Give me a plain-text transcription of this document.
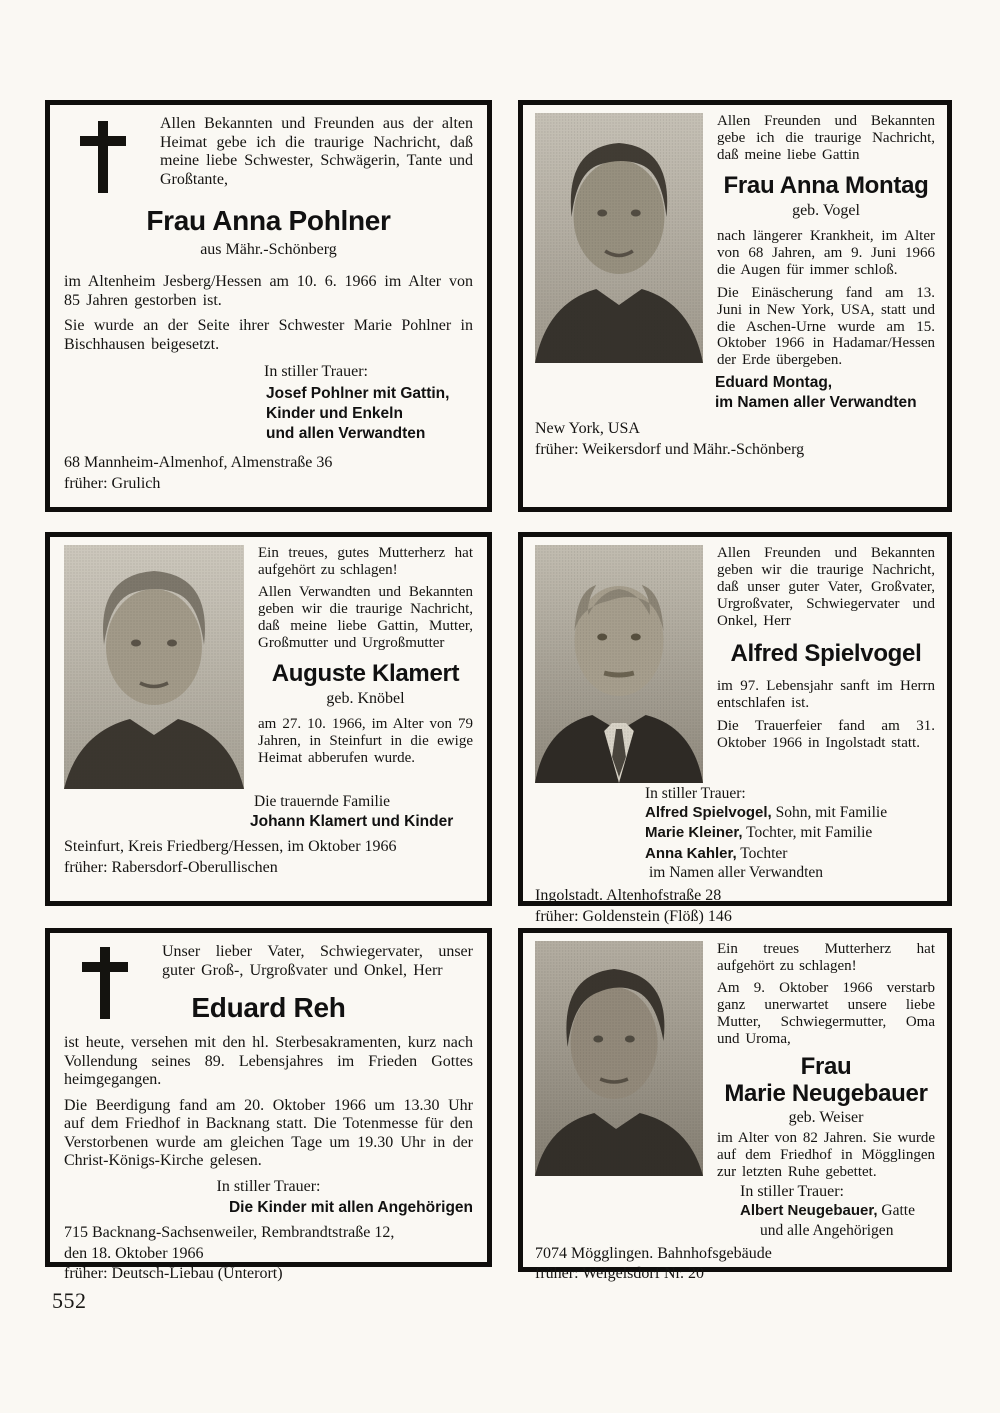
Allen Bekannten und Freunden aus der alten Heimat gebe ich die traurige Nachricht, daß meine liebe Schwester, Schwägerin, Tante und Großtante,

Frau Anna Pohlner

aus Mähr.-Schönberg

im Altenheim Jesberg/Hessen am 10. 6. 1966 im Alter von 85 Jahren gestorben ist.

Sie wurde an der Seite ihrer Schwester Marie Pohlner in Bischhausen beigesetzt.

In stiller Trauer:

Josef Pohlner mit Gattin,
Kinder und Enkeln
und allen Verwandten

68 Mannheim-Almenhof, Almenstraße 36

früher: Grulich

Allen Freunden und Bekannten gebe ich die traurige Nachricht, daß meine liebe Gattin

Frau Anna Montag

geb. Vogel

nach längerer Krankheit, im Alter von 68 Jahren, am 9. Juni 1966 die Augen für immer schloß.

Die Einäscherung fand am 13. Juni in New York, USA, statt und die Aschen-Urne wurde am 15. Oktober 1966 in Hadamar/Hessen der Erde übergeben.

Eduard Montag,
im Namen aller Verwandten

New York, USA

früher: Weikersdorf und Mähr.-Schönberg

Ein treues, gutes Mutterherz hat aufgehört zu schlagen!

Allen Verwandten und Bekannten geben wir die traurige Nachricht, daß meine liebe Gattin, Mutter, Großmutter und Urgroßmutter

Auguste Klamert

geb. Knöbel

am 27. 10. 1966, im Alter von 79 Jahren, in Steinfurt in die ewige Heimat abberufen wurde.

Die trauernde Familie

Johann Klamert und Kinder

Steinfurt, Kreis Friedberg/Hessen, im Oktober 1966

früher: Rabersdorf-Oberullischen

Allen Freunden und Bekannten geben wir die traurige Nachricht, daß unser guter Vater, Großvater, Urgroßvater, Schwiegervater und Onkel, Herr

Alfred Spielvogel

im 97. Lebensjahr sanft im Herrn entschlafen ist.

Die Trauerfeier fand am 31. Oktober 1966 in Ingolstadt statt.

In stiller Trauer:

Alfred Spielvogel, Sohn, mit Familie
Marie Kleiner, Tochter, mit Familie
Anna Kahler, Tochter

im Namen aller Verwandten

Ingolstadt. Altenhofstraße 28

früher: Goldenstein (Flöß) 146

Unser lieber Vater, Schwiegervater, unser guter Groß-, Urgroßvater und Onkel, Herr

Eduard Reh

ist heute, versehen mit den hl. Sterbesakramenten, kurz nach Vollendung seines 89. Lebensjahres im Frieden Gottes heimgegangen.

Die Beerdigung fand am 20. Oktober 1966 um 13.30 Uhr auf dem Friedhof in Backnang statt. Die Totenmesse für den Verstorbenen wurde am gleichen Tage um 19.30 Uhr in der Christ-Königs-Kirche gelesen.

In stiller Trauer:

Die Kinder mit allen Angehörigen

715 Backnang-Sachsenweiler, Rembrandtstraße 12,

den 18. Oktober 1966

früher: Deutsch-Liebau (Unterort)

Ein treues Mutterherz hat aufgehört zu schlagen!

Am 9. Oktober 1966 verstarb ganz unerwartet unsere liebe Mutter, Schwiegermutter, Oma und Uroma,

Frau
Marie Neugebauer

geb. Weiser

im Alter von 82 Jahren. Sie wurde auf dem Friedhof in Mögglingen zur letzten Ruhe gebettet.

In stiller Trauer:

Albert Neugebauer, Gatte

und alle Angehörigen

7074 Mögglingen. Bahnhofsgebäude

früher: Weigelsdorf Nr. 20

552
